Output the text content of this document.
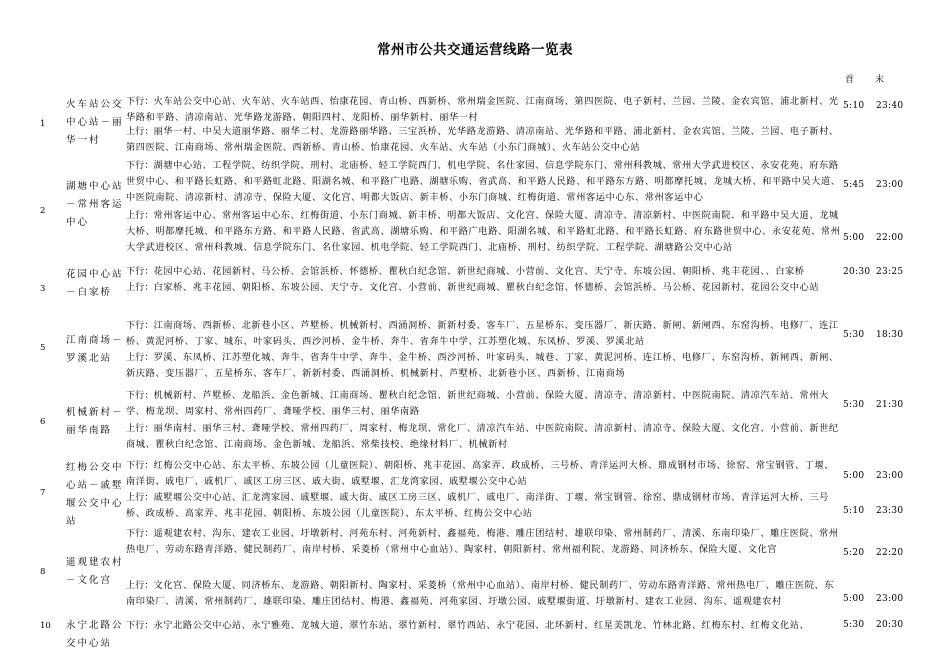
常州市公共交通运营线路一览表
首 末
1
火车站公交中心站－丽华一村
下行：火车站公交中心站、火车站、火车站西、怡康花园、青山桥、西新桥、常州瑞金医院、江南商场、第四医院、电子新村、兰园、兰陵、金农宾馆、浦北新村、光华路和平路、清凉南站、光华路龙游路、朝阳四村、龙阳桥、丽华新村、丽华一村
上行：丽华一村、中吴大道丽华路、丽华二村、龙游路丽华路、三宝浜桥、光华路龙游路、清凉南站、光华路和平路、浦北新村、金农宾馆、兰陵、兰园、电子新村、第四医院、江南商场、常州瑞金医院、西新桥、青山桥、怡康花园、火车站、火车站（小东门商城）、火车站公交中心站
5:10 23:40
2
湖塘中心站－常州客运中心
下行：湖塘中心站、工程学院、纺织学院、刑村、北庙桥、轻工学院西门、机电学院、名仕家园、信息学院东门、常州科教城、常州大学武进校区、永安花苑、府东路世贸中心、和平路长虹路、和平路虹北路、阳湖名城、和平路广电路、湖塘乐购、省武高、和平路人民路、和平路东方路、明都摩托城、龙城大桥、和平路中吴大道、中医院南院、清凉新村、清凉寺、保险大厦、文化宫、明都大饭店、新丰桥、小东门商城、红梅街道、常州客运中心东、常州客运中心
上行：常州客运中心、常州客运中心东、红梅街道、小东门商城、新丰桥、明都大饭店、文化宫、保险大厦、清凉寺、清凉新村、中医院南院、和平路中吴大道、龙城大桥、明都摩托城、和平路东方路、和平路人民路、省武高、湖塘乐购、和平路广电路、阳湖名城、和平路虹北路、和平路长虹路、府东路世贸中心、永安花苑、常州大学武进校区、常州科教城、信息学院东门、名仕家园、机电学院、轻工学院西门、北庙桥、刑村、纺织学院、工程学院、湖塘路公交中心站
5:45 23:00
5:00 22:00
3
花园中心站－白家桥
下行：花园中心站、花园新村、马公桥、会馆浜桥、怀德桥、瞿秋白纪念馆、新世纪商城、小营前、文化宫、天宁寺、东坡公园、朝阳桥、兆丰花园、、白家桥
上行：白家桥、兆丰花园、朝阳桥、东坡公园、天宁寺、文化宫、小营前、新世纪商城、瞿秋白纪念馆、怀德桥、会馆浜桥、马公桥、花园新村、花园公交中心站
20:30 23:25
5
江南商场－罗溪北站
下行：江南商场、西新桥、北新巷小区、芦墅桥、机械新村、西涌洞桥、新新村委、客车厂、五星桥东、变压器厂、新庆路、新闸、新闸西、东窑沟桥、电修厂、连江桥、黄泥河桥、丁家、城东、叶家码头、西沙河桥、金牛桥、奔牛、省奔牛中学、江苏塑化城、东凤桥、罗溪、罗溪北站
上行：罗溪、东凤桥、江苏塑化城、奔牛、省奔牛中学、奔牛、金牛桥、西沙河桥、叶家码头、城巷、丁家、黄泥河桥、连江桥、电修厂、东窑沟桥、新闸西、新闸、新庆路、变压器厂、五星桥东、客车厂、新新村委、西涌洞桥、机械新村、芦墅桥、北新巷小区、西新桥、江南商场
5:30 18:30
6
机械新村－丽华南路
下行：机械新村、芦墅桥、龙船浜、金色新城、江南商场、瞿秋白纪念馆、新世纪商城、小营前、保险大厦、清凉寺、清凉新村、中医院南院、清凉汽车站、常州大学、梅龙坝、周家村、常州四药厂、聋哑学校、丽华三村、丽华南路
上行：丽华南村、丽华三村、聋哑学校、常州四药厂、周家村、梅龙坝、常化厂、清凉汽车站、中医院南院、清凉新村、清凉寺、保险大厦、文化宫、小营前、新世纪商城、瞿秋白纪念馆、江南商场、金色新城、龙船浜、常柴技校、绝缘材料厂、机械新村
5:30 21:30
7
红梅公交中心站－戚墅堰公交中心站
下行：红梅公交中心站、东太平桥、东坡公园（儿童医院）、朝阳桥、兆丰花园、高家弄、政成桥、三号桥、青洋运河大桥、鼎成钢材市场、徐窑、常宝钢管、丁堰、南洋街、戚电厂、戚机厂、戚区工房三区、戚大街、戚墅堰、汇龙湾家园、戚墅堰公交中心站
上行：戚墅堰公交中心站、汇龙湾家园、戚墅堰、戚大街、戚区工房三区、戚机厂、戚电厂、南洋街、丁堰、常宝钢管、徐窑、鼎成钢材市场、青洋运河大桥、三号桥、政成桥、高家弄、兆丰花园、朝阳桥、东坡公园（儿童医院）、东太平桥、红梅公交中心站
5:00 23:00
5:10 23:30
8
遥观建农村－文化宫
下行：遥观建农村、沟东、建农工业园、圩墩新村、河苑东村、河苑新村、鑫福苑、梅港、雕庄团结村、雄联印染、常州制药厂、清溪、东南印染厂、雕庄医院、常州热电厂、劳动东路青洋路、健民制药厂、南岸村桥、采菱桥（常州中心血站）、陶家村、朝阳新村、常州福利院、龙游路、同济桥东、保险大厦、文化宫
上行：文化宫、保险大厦、同济桥东、龙游路、朝阳新村、陶家村、采菱桥（常州中心血站）、南岸村桥、健民制药厂、劳动东路青洋路、常州热电厂、雕庄医院、东南印染厂、清溪、常州制药厂、雄联印染、雕庄团结村、梅港、鑫福苑、河苑家园、圩墩公园、戚墅堰街道、圩墩新村、建农工业园、沟东、遥观建农村
5:20 22:20
5:00 23:00
10 永宁北路公交中心站
下行：永宁北路公交中心站、永宁雅苑、龙城大道、翠竹东站、翠竹新村、翠竹西站、永宁花园、北环新村、红星美凯龙、竹林北路、红梅东村、红梅文化站、	5:30 20:30
